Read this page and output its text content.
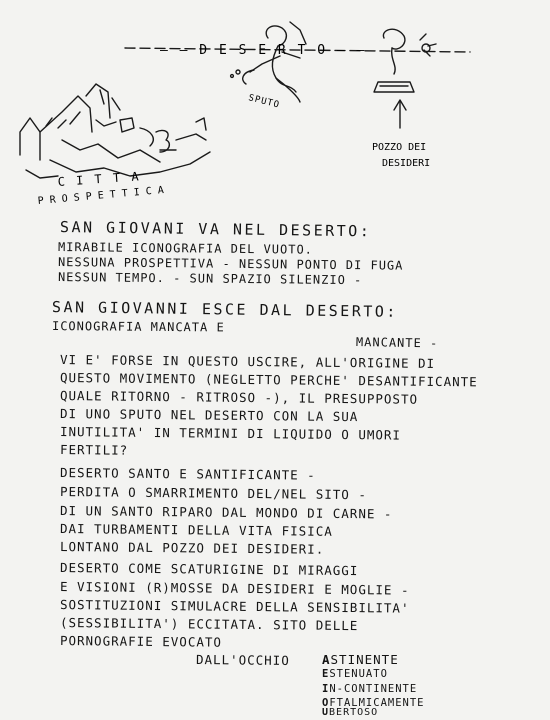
— — D E S E R T O — —
SPUTO
POZZO DEI
DESIDERI
C I T T A
P R O S P E T T I C A
SAN GIOVANI VA NEL DESERTO:
MIRABILE ICONOGRAFIA DEL VUOTO.
NESSUNA PROSPETTIVA - NESSUN PONTO DI FUGA
NESSUN TEMPO. - SUN SPAZIO SILENZIO -
SAN GIOVANNI ESCE DAL DESERTO:
ICONOGRAFIA MANCATA E
MANCANTE -
VI E' FORSE IN QUESTO USCIRE, ALL'ORIGINE DI
QUESTO MOVIMENTO (NEGLETTO PERCHE' DESANTIFICANTE
QUALE RITORNO - RITROSO -), IL PRESUPPOSTO
DI UNO SPUTO NEL DESERTO CON LA SUA
INUTILITA' IN TERMINI DI LIQUIDO O UMORI
FERTILI?
DESERTO SANTO E SANTIFICANTE -
PERDITA O SMARRIMENTO DEL/NEL SITO -
DI UN SANTO RIPARO DAL MONDO DI CARNE -
DAI TURBAMENTI DELLA VITA FISICA
LONTANO DAL POZZO DEI DESIDERI.
DESERTO COME SCATURIGINE DI MIRAGGI
E VISIONI (R)MOSSE DA DESIDERI E MOGLIE -
SOSTITUZIONI SIMULACRE DELLA SENSIBILITA'
(SESSIBILITA') ECCITATA. SITO DELLE
PORNOGRAFIE EVOCATO
DALL'OCCHIO	ASTINENTE
ESTENUATO
IN-CONTINENTE
OFTALMICAMENTE
UBERTOSO
